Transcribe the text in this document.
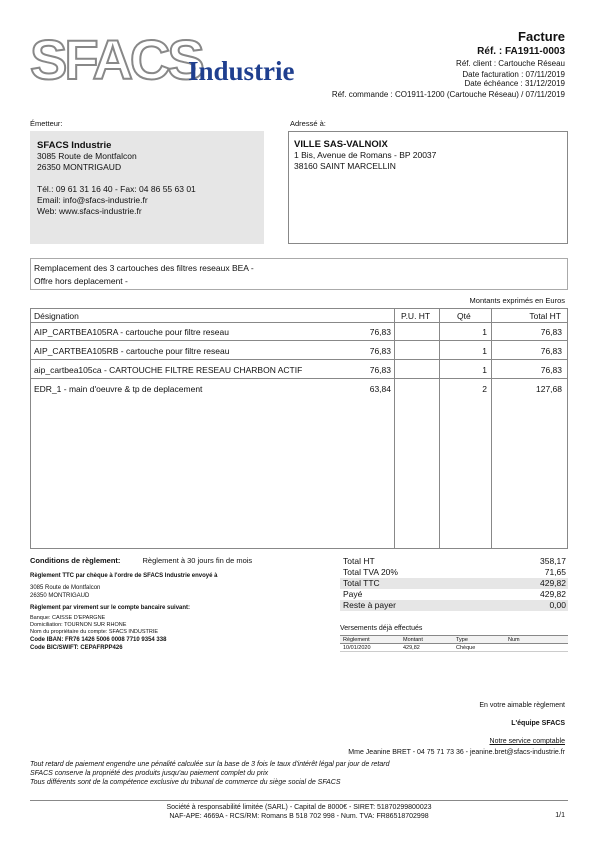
SFACS
Industrie
Facture
Réf. : FA1911-0003
Réf. client : Cartouche Réseau
Date facturation : 07/11/2019
Date échéance : 31/12/2019
Réf. commande : CO1911-1200 (Cartouche Réseau) / 07/11/2019
Émetteur:	Adressé à:
SFACS Industrie
3085 Route de Montfalcon
26350 MONTRIGAUD
Tél.: 09 61 31 16 40 - Fax: 04 86 55 63 01
Email: info@sfacs-industrie.fr
Web: www.sfacs-industrie.fr
VILLE SAS-VALNOIX
1 Bis, Avenue de Romans - BP 20037
38160 SAINT MARCELLIN
Remplacement des 3 cartouches des filtres reseaux BEA -
Offre hors deplacement -
Montants exprimés en Euros
Désignation	P.U. HT	Qté	Total HT
AIP_CARTBEA105RA - cartouche pour filtre reseau	76,83	1	76,83
AIP_CARTBEA105RB - cartouche pour filtre reseau	76,83	1	76,83
aip_cartbea105ca - CARTOUCHE FILTRE RESEAU CHARBON ACTIF	76,83	1	76,83
EDR_1 - main d'oeuvre & tp de deplacement	63,84	2	127,68
Conditions de règlement:	Règlement à 30 jours fin de mois
Règlement TTC par chèque à l'ordre de SFACS Industrie envoyé à
3085 Route de Montfalcon
26350 MONTRIGAUD
Règlement par virement sur le compte bancaire suivant:
Banque: CAISSE D'EPARGNE
Domiciliation: TOURNON SUR RHONE
Nom du propriétaire du compte: SFACS INDUSTRIE
Code IBAN: FR76 1426 5006 0008 7710 9354 338
Code BIC/SWIFT: CEPAFRPP426
Total HT	358,17
Total TVA 20%	71,65
Total TTC	429,82
Payé	429,82
Reste à payer	0,00
Versements déjà effectués
Règlement	Montant	Type	Num
10/01/2020	429,82	Chèque
En votre aimable règlement
L'équipe SFACS
Notre service comptable
Mme Jeanine BRET - 04 75 71 73 36 - jeanine.bret@sfacs-industrie.fr
Tout retard de paiement engendre une pénalité calculée sur la base de 3 fois le taux d'intérêt légal par jour de retard
SFACS conserve la propriété des produits jusqu'au paiement complet du prix
Tous différents sont de la compétence exclusive du tribunal de commerce du siège social de SFACS
Société à responsabilité limitée (SARL) - Capital de 8000€ - SIRET: 51870299800023
NAF-APE: 4669A - RCS/RM: Romans B 518 702 998 - Num. TVA: FR86518702998	1/1
